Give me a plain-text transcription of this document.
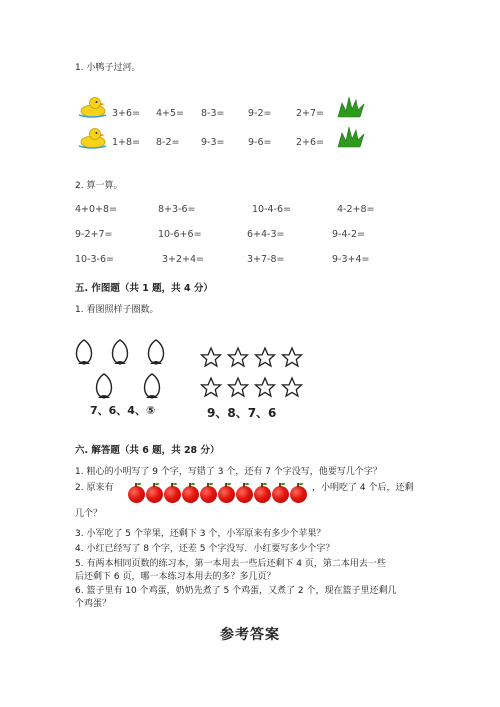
1. 小鸭子过河。
3+6= 4+5= 8-3= 9-2=	2+7=
1+8= 8-2= 9-3= 9-6=	2+6=
2. 算一算。
4+0+8=	8+3-6=	10-4-6=	4-2+8=
9-2+7=	10-6+6=	6+4-3=	9-4-2=
10-3-6=	3+2+4=	3+7-8=	9-3+4=
五. 作图题（共 1 题，共 4 分）
1. 看图照样子圈数。
7、6、4、⑤	9、8、7、6
六. 解答题（共 6 题，共 28 分）
1. 粗心的小明写了 9 个字，写错了 3 个，还有 7 个字没写，他要写几个字？
2. 原来有	，小明吃了 4 个后，还剩
几个？
3. 小军吃了 5 个苹果，还剩下 3 个，小军原来有多少个苹果？
4. 小红已经写了 8 个字，还差 5 个字没写．小红要写多少个字？
5. 有两本相同页数的练习本，第一本用去一些后还剩下 4 页，第二本用去一些
后还剩下 6 页，哪一本练习本用去的多？多几页？
6. 篮子里有 10 个鸡蛋，奶奶先煮了 5 个鸡蛋，又煮了 2 个，现在篮子里还剩几
个鸡蛋？
参考答案
